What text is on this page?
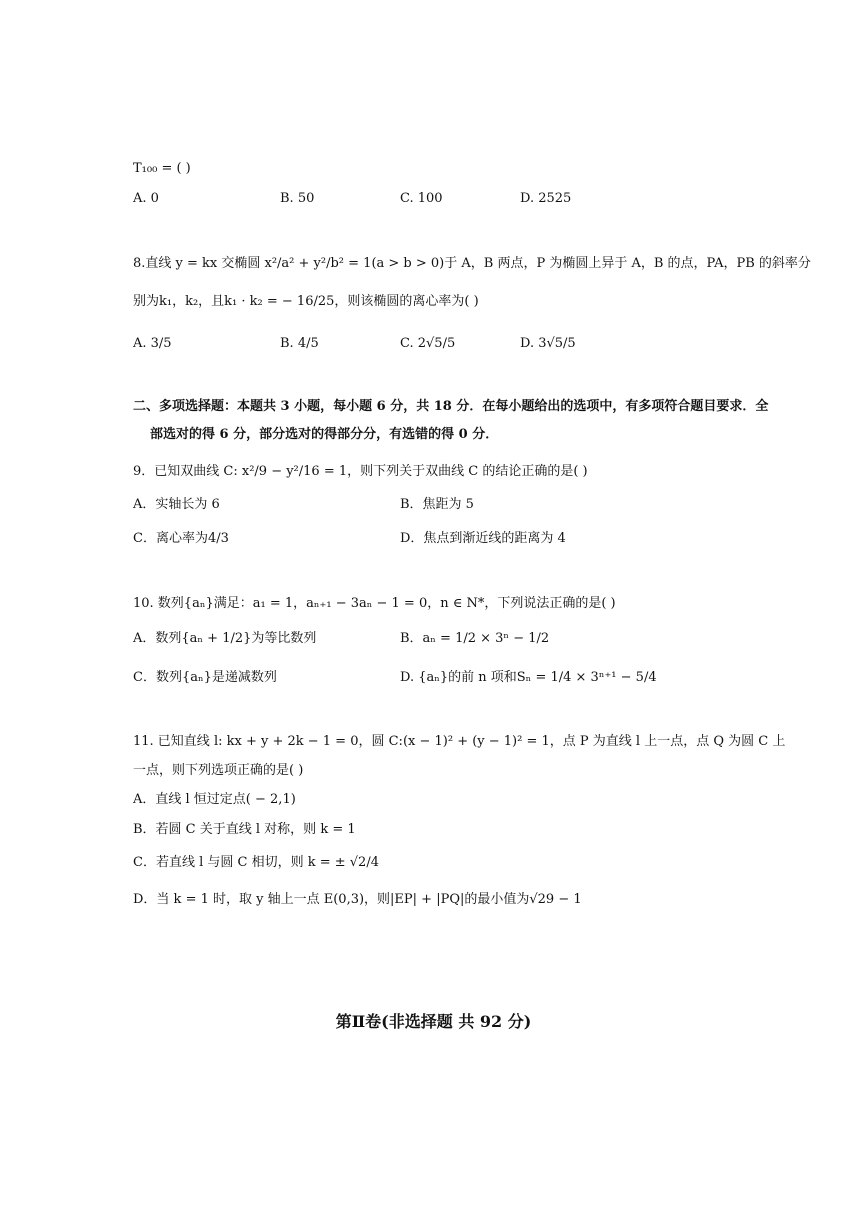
T₁₀₀ = ( )
A. 0	B. 50	C. 100	D. 2525
8.直线 y = kx 交椭圆 x²/a² + y²/b² = 1(a > b > 0)于 A，B 两点，P 为椭圆上异于 A，B 的点，PA，PB 的斜率分
别为k₁，k₂，且k₁ · k₂ = − 16/25，则该椭圆的离心率为( )
A. 3/5	B. 4/5	C. 2√5/5	D. 3√5/5
二、多项选择题：本题共 3 小题，每小题 6 分，共 18 分．在每小题给出的选项中，有多项符合题目要求．全
部选对的得 6 分，部分选对的得部分分，有选错的得 0 分．
9．已知双曲线 C: x²/9 − y²/16 = 1，则下列关于双曲线 C 的结论正确的是( )
A．实轴长为 6	B．焦距为 5
C．离心率为4/3	D．焦点到渐近线的距离为 4
10. 数列{aₙ}满足：a₁ = 1，aₙ₊₁ − 3aₙ − 1 = 0，n ∈ N*，下列说法正确的是( )
A．数列{aₙ + 1/2}为等比数列	B．aₙ = 1/2 × 3ⁿ − 1/2
C．数列{aₙ}是递减数列	D. {aₙ}的前 n 项和Sₙ = 1/4 × 3ⁿ⁺¹ − 5/4
11. 已知直线 l: kx + y + 2k − 1 = 0，圆 C:(x − 1)² + (y − 1)² = 1，点 P 为直线 l 上一点，点 Q 为圆 C 上
一点，则下列选项正确的是( )
A．直线 l 恒过定点( − 2,1)
B．若圆 C 关于直线 l 对称，则 k = 1
C．若直线 l 与圆 C 相切，则 k = ± √2/4
D．当 k = 1 时，取 y 轴上一点 E(0,3)，则|EP| + |PQ|的最小值为√29 − 1
第Ⅱ卷(非选择题 共 92 分)
